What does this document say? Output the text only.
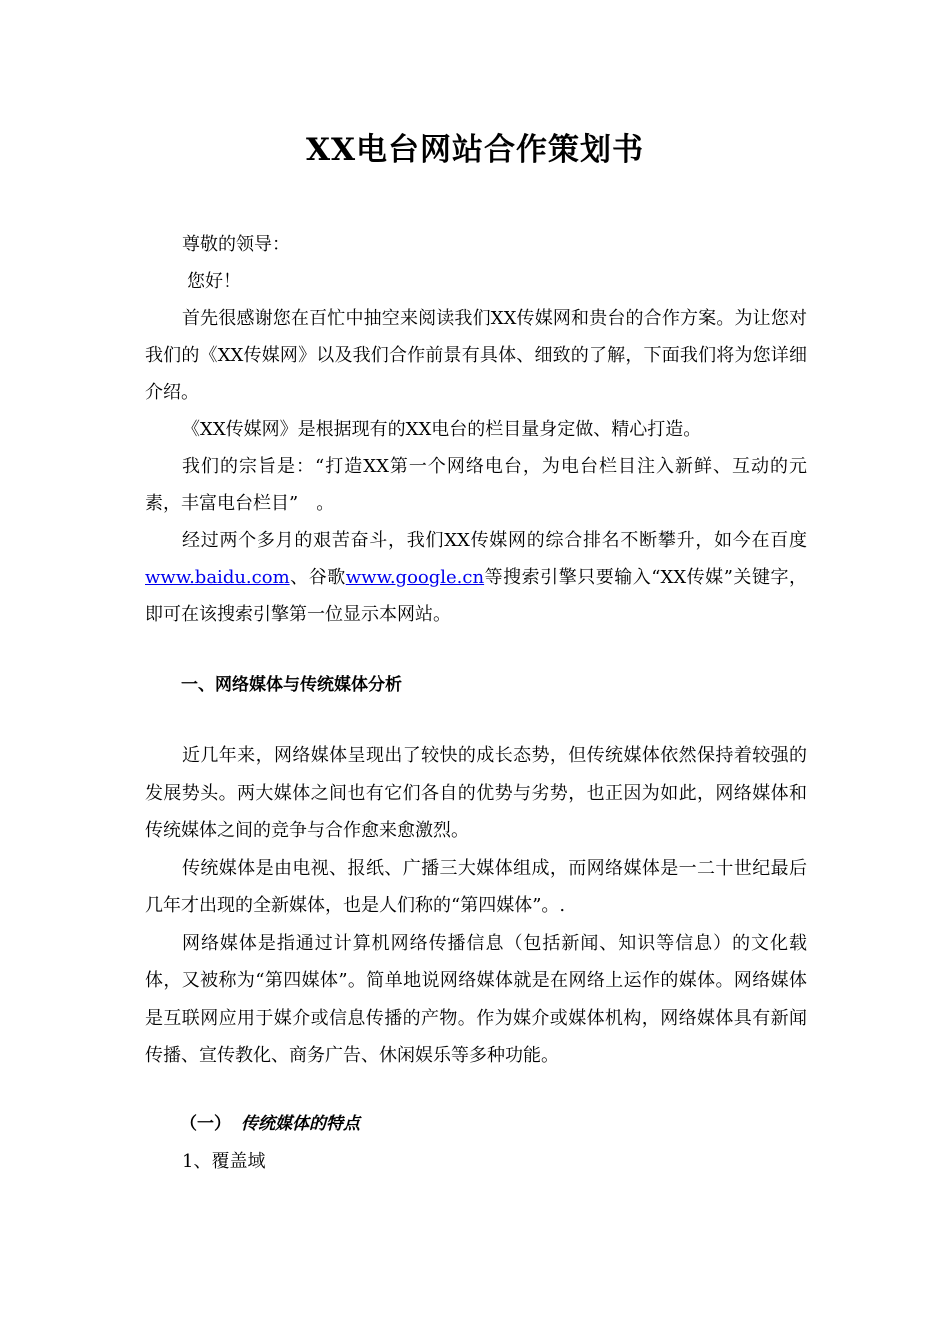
XX电台网站合作策划书

尊敬的领导：

您好！

首先很感谢您在百忙中抽空来阅读我们XX传媒网和贵台的合作方案。为让您对我们的《XX传媒网》以及我们合作前景有具体、细致的了解，下面我们将为您详细介绍。

《XX传媒网》是根据现有的XX电台的栏目量身定做、精心打造。

我们的宗旨是：“打造XX第一个网络电台，为电台栏目注入新鲜、互动的元素，丰富电台栏目”　。

经过两个多月的艰苦奋斗，我们XX传媒网的综合排名不断攀升，如今在百度www.baidu.com、谷歌www.google.cn等搜索引擎只要输入“XX传媒”关键字，即可在该搜索引擎第一位显示本网站。

一、网络媒体与传统媒体分析

近几年来，网络媒体呈现出了较快的成长态势，但传统媒体依然保持着较强的发展势头。两大媒体之间也有它们各自的优势与劣势，也正因为如此，网络媒体和传统媒体之间的竞争与合作愈来愈激烈。

传统媒体是由电视、报纸、广播三大媒体组成，而网络媒体是一二十世纪最后几年才出现的全新媒体，也是人们称的“第四媒体”。.

网络媒体是指通过计算机网络传播信息（包括新闻、知识等信息）的文化载体，又被称为“第四媒体”。简单地说网络媒体就是在网络上运作的媒体。网络媒体是互联网应用于媒介或信息传播的产物。作为媒介或媒体机构，网络媒体具有新闻传播、宣传教化、商务广告、休闲娱乐等多种功能。

（一） 传统媒体的特点
1、覆盖域
